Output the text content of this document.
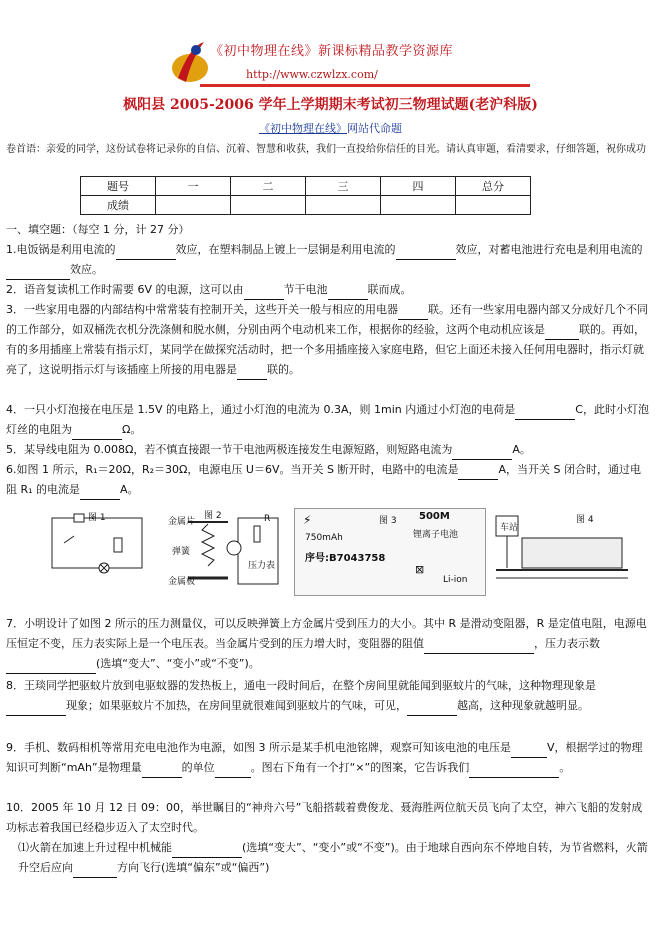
《初中物理在线》新课标精品教学资源库
http://www.czwlzx.com/
枫阳县 2005-2006 学年上学期期末考试初三物理试题(老沪科版)
《初中物理在线》网站代命题
卷首语：亲爱的同学，这份试卷将记录你的自信、沉着、智慧和收获，我们一直投给你信任的目光。请认真审题，看清要求，仔细答题，祝你成功
题号	一	二	三	四	总分
成绩					
一、填空题：（每空 1 分，计 27 分）
1.电饭锅是利用电流的	效应，在塑料制品上镀上一层铜是利用电流的	效应，对蓄电池进行充电是利用电流的效应。
2．语音复读机工作时需要 6V 的电源，这可以由	节干电池	联而成。
3．一些家用电器的内部结构中常常装有控制开关，这些开关一般与相应的用电器	联。还有一些家用电器内部又分成好几个不同的工作部分，如双桶洗衣机分洗涤侧和脱水侧，分别由两个电动机来工作，根据你的经验，这两个电动机应该是	联的。再如，有的多用插座上常装有指示灯，某同学在做探究活动时，把一个多用插座接入家庭电路，但它上面还未接入任何用电器时，指示灯就亮了，这说明指示灯与该插座上所接的用电器是	联的。
4．一只小灯泡接在电压是 1.5V 的电路上，通过小灯泡的电流为 0.3A，则 1min 内通过小灯泡的电荷是	C，此时小灯泡灯丝的电阻为	Ω。
5．某导线电阻为 0.008Ω，若不慎直接跟一节干电池两极连接发生电源短路，则短路电流为	A。
6.如图 1 所示，R₁＝20Ω，R₂＝30Ω，电源电压 U＝6V。当开关 S 断开时，电路中的电流是	A，当开关 S 闭合时，通过电阻 R₁ 的电流是	A。
图 1	图 2
金属片
弹簧
金属板
压力表
R	⚡	图 3 500M
750mAh	锂离子电池
序号:B7043758
Li-ion
⊠
车站
图 4
7．小明设计了如图 2 所示的压力测量仪，可以反映弹簧上方金属片受到压力的大小。其中 R 是滑动变阻器，R 是定值电阻，电源电压恒定不变，压力表实际上是一个电压表。当金属片受到的压力增大时，变阻器的阻值	，压力表示数(选填“变大”、“变小”或“不变”)。
8．王琰同学把驱蚊片放到电驱蚊器的发热板上，通电一段时间后，在整个房间里就能闻到驱蚊片的气味，这种物理现象是现象；如果驱蚊片不加热，在房间里就很难闻到驱蚊片的气味，可见，	越高，这种现象就越明显。
9．手机、数码相机等常用充电电池作为电源，如图 3 所示是某手机电池铭牌，观察可知该电池的电压是	V，根据学过的物理知识可判断“mAh”是物理量	的单位	。图右下角有一个打“×”的图案，它告诉我们	。
10．2005 年 10 月 12 日 09：00，举世瞩目的“神舟六号”飞船搭载着费俊龙、聂海胜两位航天员飞向了太空，神六飞船的发射成功标志着我国已经稳步迈入了太空时代。
⑴火箭在加速上升过程中机械能	(选填“变大”、“变小”或“不变”)。由于地球自西向东不停地自转，为节省燃料，火箭升空后应向	方向飞行(选填“偏东”或“偏西”)
